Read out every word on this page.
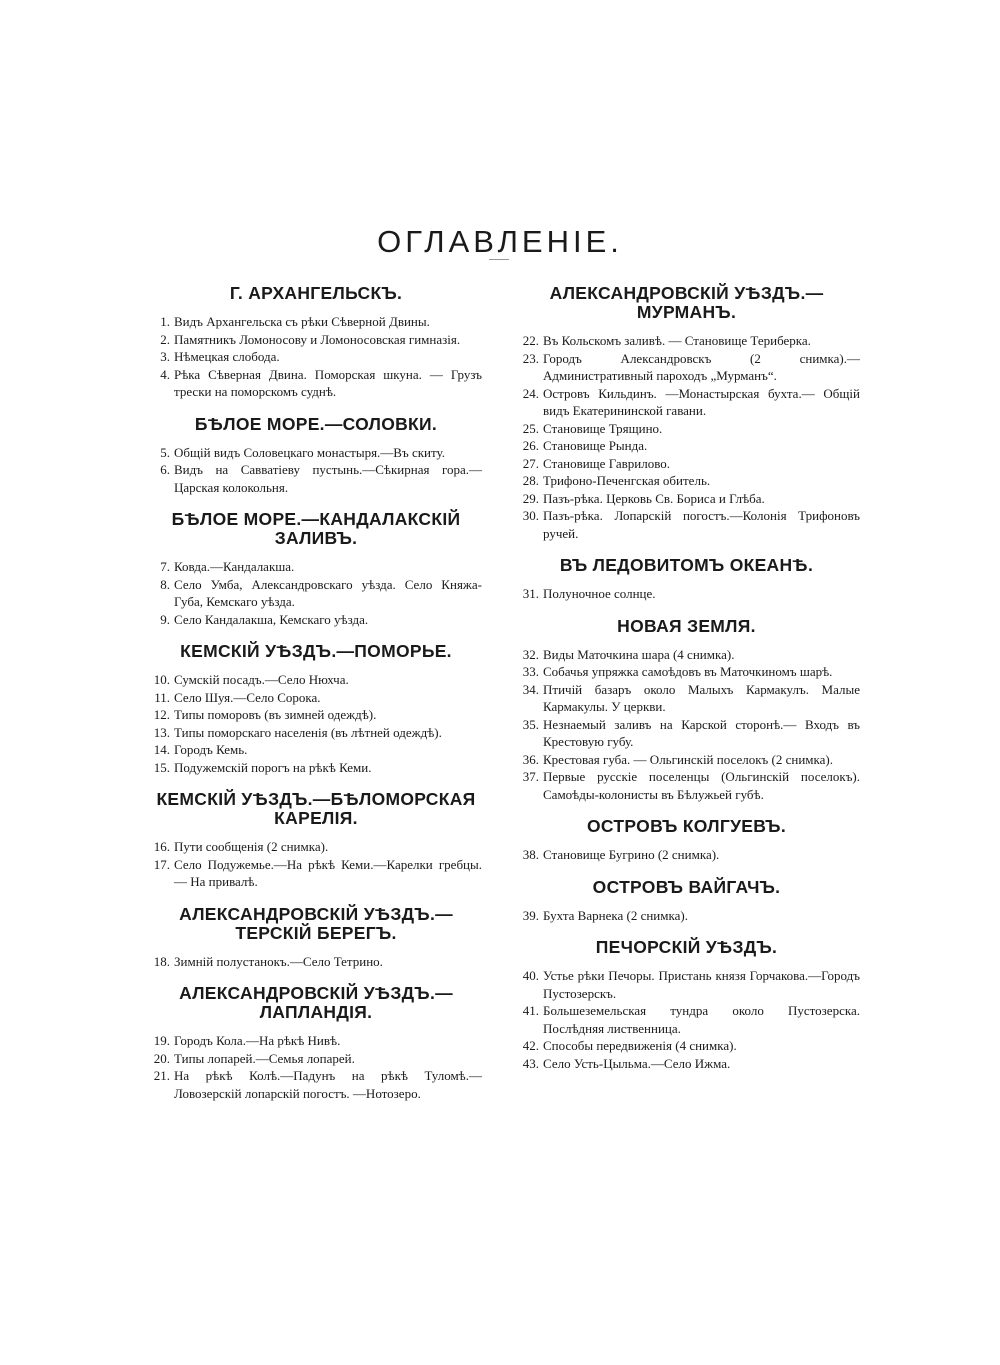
ОГЛАВЛЕНІЕ.
Г. АРХАНГЕЛЬСКЪ.
1. Видъ Архангельска съ рѣки Сѣверной Двины.
2. Памятникъ Ломоносову и Ломоносовская гимназія.
3. Нѣмецкая слобода.
4. Рѣка Сѣверная Двина. Поморская шкуна. — Грузъ трески на поморскомъ суднѣ.
БѢЛОЕ МОРЕ.—СОЛОВКИ.
5. Общій видъ Соловецкаго монастыря.—Въ скиту.
6. Видъ на Савватіеву пустынь.—Сѣкирная гора.— Царская колокольня.
БѢЛОЕ МОРЕ.—КАНДАЛАКСКІЙ ЗАЛИВЪ.
7. Ковда.—Кандалакша.
8. Село Умба, Александровскаго уѣзда. Село Княжа-Губа, Кемскаго уѣзда.
9. Село Кандалакша, Кемскаго уѣзда.
КЕМСКІЙ УѢЗДЪ.—ПОМОРЬЕ.
10. Сумскій посадъ.—Село Нюхча.
11. Село Шуя.—Село Сорока.
12. Типы поморовъ (въ зимней одеждѣ).
13. Типы поморскаго населенія (въ лѣтней одеждѣ).
14. Городъ Кемь.
15. Подужемскій порогъ на рѣкѣ Кеми.
КЕМСКІЙ УѢЗДЪ.—БѢЛОМОРСКАЯ КАРЕЛІЯ.
16. Пути сообщенія (2 снимка).
17. Село Подужемье.—На рѣкѣ Кеми.—Карелки гребцы. — На привалѣ.
АЛЕКСАНДРОВСКІЙ УѢЗДЪ.— ТЕРСКІЙ БЕРЕГЪ.
18. Зимній полустанокъ.—Село Тетрино.
АЛЕКСАНДРОВСКІЙ УѢЗДЪ.— ЛАПЛАНДІЯ.
19. Городъ Кола.—На рѣкѣ Нивѣ.
20. Типы лопарей.—Семья лопарей.
21. На рѣкѣ Колѣ.—Падунъ на рѣкѣ Туломѣ.— Ловозерскій лопарскій погостъ. —Нотозеро.
АЛЕКСАНДРОВСКІЙ УѢЗДЪ.— МУРМАНЪ.
22. Въ Кольскомъ заливѣ. — Становище Териберка.
23. Городъ Александровскъ (2 снимка).—Административный пароходъ „Мурманъ“.
24. Островъ Кильдинъ. —Монастырская бухта.— Общій видъ Екатерининской гавани.
25. Становище Трящино.
26. Становище Рында.
27. Становище Гаврилово.
28. Трифоно-Печенгская обитель.
29. Пазъ-рѣка. Церковь Св. Бориса и Глѣба.
30. Пазъ-рѣка. Лопарскій погостъ.—Колонія Трифоновъ ручей.
ВЪ ЛЕДОВИТОМЪ ОКЕАНѢ.
31. Полуночное солнце.
НОВАЯ ЗЕМЛЯ.
32. Виды Маточкина шара (4 снимка).
33. Собачья упряжка самоѣдовъ въ Маточкиномъ шарѣ.
34. Птичій базаръ около Малыхъ Кармакулъ. Малые Кармакулы. У церкви.
35. Незнаемый заливъ на Карской сторонѣ.— Входъ въ Крестовую губу.
36. Крестовая губа. — Ольгинскій поселокъ (2 снимка).
37. Первые русскіе поселенцы (Ольгинскій поселокъ). Самоѣды-колонисты въ Бѣлужьей губѣ.
ОСТРОВЪ КОЛГУЕВЪ.
38. Становище Бугрино (2 снимка).
ОСТРОВЪ ВАЙГАЧЪ.
39. Бухта Варнека (2 снимка).
ПЕЧОРСКІЙ УѢЗДЪ.
40. Устье рѣки Печоры. Пристань князя Горчакова.—Городъ Пустозерскъ.
41. Большеземельская тундра около Пустозерска. Послѣдняя лиственница.
42. Способы передвиженія (4 снимка).
43. Село Усть-Цыльма.—Село Ижма.
